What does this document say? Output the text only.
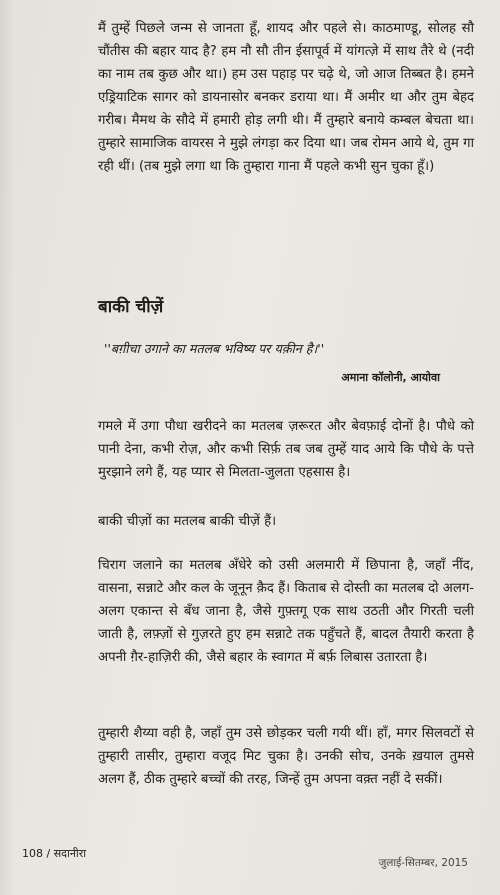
मैं तुम्हें पिछले जन्म से जानता हूँ, शायद और पहले से। काठमाण्डू, सोलह सौ चौंतीस की बहार याद है? हम नौ सौ तीन ईसापूर्व में यांगत्ज़े में साथ तैरे थे (नदी का नाम तब कुछ और था।) हम उस पहाड़ पर चढ़े थे, जो आज तिब्बत है। हमने एड्रियाटिक सागर को डायनासोर बनकर डराया था। मैं अमीर था और तुम बेहद गरीब। मैमथ के सौदे में हमारी होड़ लगी थी। मैं तुम्हारे बनाये कम्बल बेचता था। तुम्हारे सामाजिक वायरस ने मुझे लंगड़ा कर दिया था। जब रोमन आये थे, तुम गा रही थीं। (तब मुझे लगा था कि तुम्हारा गाना मैं पहले कभी सुन चुका हूँ।)

बाकी चीज़ें
''बग़ीचा उगाने का मतलब भविष्य पर यक़ीन है।''
अमाना कॉलोनी, आयोवा

गमले में उगा पौधा खरीदने का मतलब ज़रूरत और बेवफ़ाई दोनों है। पौधे को पानी देना, कभी रोज़, और कभी सिर्फ़ तब जब तुम्हें याद आये कि पौधे के पत्ते मुरझाने लगे हैं, यह प्यार से मिलता-जुलता एहसास है।

बाकी चीज़ों का मतलब बाकी चीज़ें हैं।

चिराग जलाने का मतलब अँधेरे को उसी अलमारी में छिपाना है, जहाँ नींद, वासना, सन्नाटे और कल के जूनून क़ैद हैं। किताब से दोस्ती का मतलब दो अलग-अलग एकान्त से बँध जाना है, जैसे गुफ़्तगू एक साथ उठती और गिरती चली जाती है, लफ़्ज़ों से गुज़रते हुए हम सन्नाटे तक पहुँचते हैं, बादल तैयारी करता है अपनी ग़ैर-हाज़िरी की, जैसे बहार के स्वागत में बर्फ़ लिबास उतारता है।

तुम्हारी शैय्या वही है, जहाँ तुम उसे छोड़कर चली गयी थीं। हाँ, मगर सिलवटों से तुम्हारी तासीर, तुम्हारा वजूद मिट चुका है। उनकी सोच, उनके ख़याल तुमसे अलग हैं, ठीक तुम्हारे बच्चों की तरह, जिन्हें तुम अपना वक़्त नहीं दे सकीं।

108 / सदानीरा
जुलाई-सितम्बर, 2015
